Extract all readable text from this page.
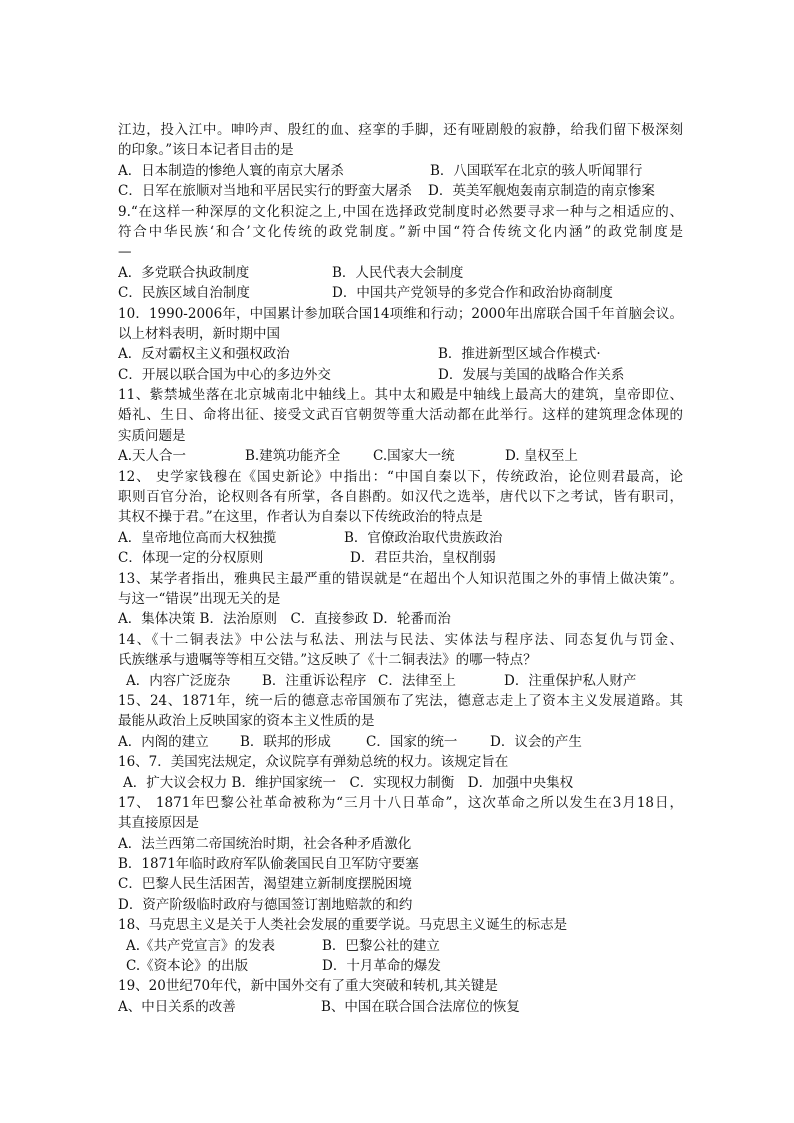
江边，投入江中。呻吟声、殷红的血、痉挛的手脚，还有哑剧般的寂静，给我们留下极深刻
的印象。”该日本记者目击的是
A．日本制造的惨绝人寰的南京大屠杀	B．八国联军在北京的骇人听闻罪行
C．日军在旅顺对当地和平居民实行的野蛮大屠杀 D．英美军舰炮轰南京制造的南京惨案
9.“在这样一种深厚的文化积淀之上,中国在选择政党制度时必然要寻求一种与之相适应的、
符合中华民族‘和合’文化传统的政党制度。”新中国“符合传统文化内涵”的政党制度是
—
A．多党联合执政制度	B．人民代表大会制度
C．民族区域自治制度	D．中国共产党领导的多党合作和政治协商制度
10．1990-2006年，中国累计参加联合国14项维和行动；2000年出席联合国千年首脑会议。
以上材料表明，新时期中国
A．反对霸权主义和强权政治	B．推进新型区域合作模式·
C．开展以联合国为中心的多边外交	D．发展与美国的战略合作关系
11、紫禁城坐落在北京城南北中轴线上。其中太和殿是中轴线上最高大的建筑，皇帝即位、
婚礼、生日、命将出征、接受文武百官朝贺等重大活动都在此举行。这样的建筑理念体现的
实质问题是
A.天人合一	B.建筑功能齐全 C.国家大一统	D. 皇权至上
12、 史学家钱穆在《国史新论》中指出：“中国自秦以下，传统政治，论位则君最高，论
职则百官分治，论权则各有所掌，各自斟酌。如汉代之选举，唐代以下之考试，皆有职司，
其权不操于君。”在这里，作者认为自秦以下传统政治的特点是
A．皇帝地位高而大权独揽	B．官僚政治取代贵族政治
C．体现一定的分权原则	D．君臣共治，皇权削弱
13、某学者指出，雅典民主最严重的错误就是“在超出个人知识范围之外的事情上做决策”。
与这一“错误”出现无关的是
A．集体决策 B．法治原则　C．直接参政 D．轮番而治
14、《十二铜表法》中公法与私法、刑法与民法、实体法与程序法、同态复仇与罚金、
氏族继承与遗嘱等等相互交错。”这反映了《十二铜表法》的哪一特点？
A．内容广泛庞杂 B．注重诉讼程序 C．法律至上	D．注重保护私人财产
15、24、1871年，统一后的德意志帝国颁布了宪法，德意志走上了资本主义发展道路。其
最能从政治上反映国家的资本主义性质的是
A．内阁的建立 B．联邦的形成	C．国家的统一 D．议会的产生
16、7．美国宪法规定，众议院享有弹劾总统的权力。该规定旨在
A．扩大议会权力 B．维护国家统一　C．实现权力制衡　D．加强中央集权
17、 1871年巴黎公社革命被称为“三月十八日革命”，这次革命之所以发生在3月18日，
其直接原因是
A．法兰西第二帝国统治时期，社会各种矛盾激化
B．1871年临时政府军队偷袭国民自卫军防守要塞
C．巴黎人民生活困苦，渴望建立新制度摆脱困境
D．资产阶级临时政府与德国签订割地赔款的和约
18、马克思主义是关于人类社会发展的重要学说。马克思主义诞生的标志是
A.《共产党宣言》的发表	B．巴黎公社的建立
C.《资本论》的出版	D．十月革命的爆发
19、20世纪70年代，新中国外交有了重大突破和转机,其关键是
A、中日关系的改善	B、中国在联合国合法席位的恢复
